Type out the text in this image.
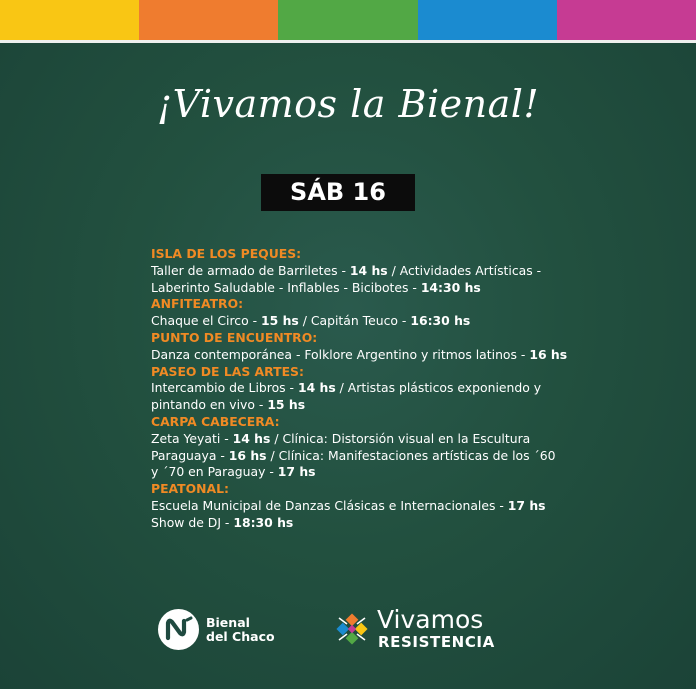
¡Vivamos la Bienal!
SÁB 16
ISLA DE LOS PEQUES:
Taller de armado de Barriletes - 14 hs / Actividades Artísticas -
Laberinto Saludable - Inflables - Bicibotes - 14:30 hs
ANFITEATRO:
Chaque el Circo - 15 hs / Capitán Teuco - 16:30 hs
PUNTO DE ENCUENTRO:
Danza contemporánea - Folklore Argentino y ritmos latinos - 16 hs
PASEO DE LAS ARTES:
Intercambio de Libros - 14 hs / Artistas plásticos exponiendo y
pintando en vivo - 15 hs
CARPA CABECERA:
Zeta Yeyati - 14 hs / Clínica: Distorsión visual en la Escultura
Paraguaya - 16 hs / Clínica: Manifestaciones artísticas de los ´60
y ´70 en Paraguay - 17 hs
PEATONAL:
Escuela Municipal de Danzas Clásicas e Internacionales - 17 hs
Show de DJ - 18:30 hs
Bienal
del Chaco
Vivamos
RESISTENCIA
